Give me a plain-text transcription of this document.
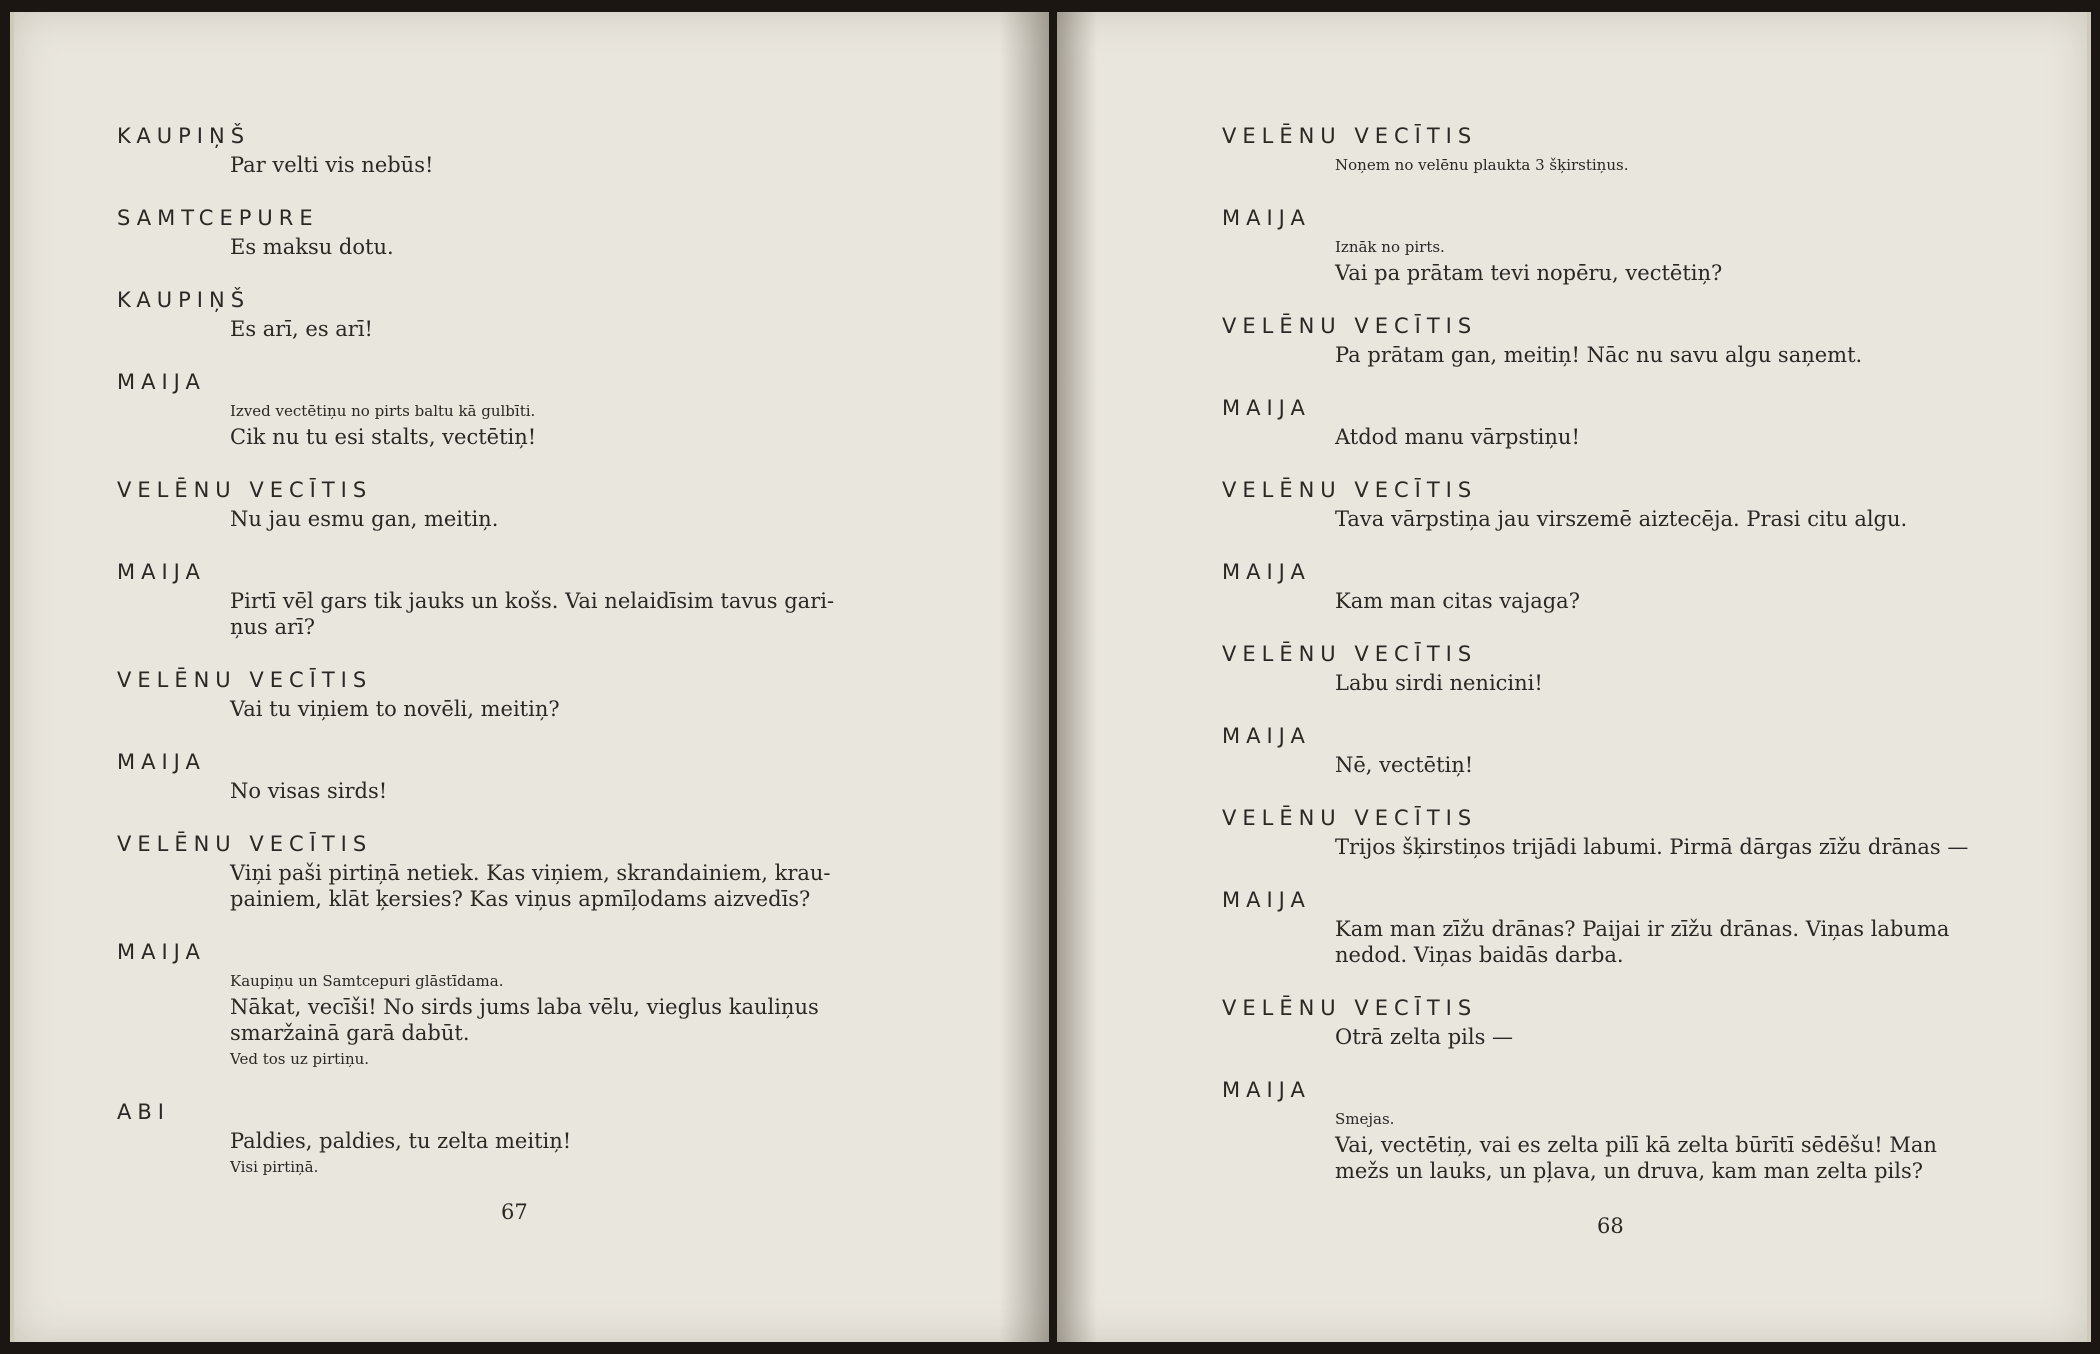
KAUPIŅŠ
Par velti vis nebūs!
SAMTCEPURE
Es maksu dotu.
KAUPIŅŠ
Es arī, es arī!
MAIJA
Izved vectētiņu no pirts baltu kā gulbīti.
Cik nu tu esi stalts, vectētiņ!
VELĒNU VECĪTIS
Nu jau esmu gan, meitiņ.
MAIJA
Pirtī vēl gars tik jauks un košs. Vai nelaidīsim tavus gari-
ņus arī?
VELĒNU VECĪTIS
Vai tu viņiem to novēli, meitiņ?
MAIJA
No visas sirds!
VELĒNU VECĪTIS
Viņi paši pirtiņā netiek. Kas viņiem, skrandainiem, krau-
painiem, klāt ķersies? Kas viņus apmīļodams aizvedīs?
MAIJA
Kaupiņu un Samtcepuri glāstīdama.
Nākat, vecīši! No sirds jums laba vēlu, vieglus kauliņus
smaržainā garā dabūt.
Ved tos uz pirtiņu.
ABI
Paldies, paldies, tu zelta meitiņ!
Visi pirtiņā.
67
VELĒNU VECĪTIS
Noņem no velēnu plaukta 3 šķirstiņus.
MAIJA
Iznāk no pirts.
Vai pa prātam tevi nopēru, vectētiņ?
VELĒNU VECĪTIS
Pa prātam gan, meitiņ! Nāc nu savu algu saņemt.
MAIJA
Atdod manu vārpstiņu!
VELĒNU VECĪTIS
Tava vārpstiņa jau virszemē aiztecēja. Prasi citu algu.
MAIJA
Kam man citas vajaga?
VELĒNU VECĪTIS
Labu sirdi nenicini!
MAIJA
Nē, vectētiņ!
VELĒNU VECĪTIS
Trijos šķirstiņos trijādi labumi. Pirmā dārgas zīžu drānas —
MAIJA
Kam man zīžu drānas? Paijai ir zīžu drānas. Viņas labuma
nedod. Viņas baidās darba.
VELĒNU VECĪTIS
Otrā zelta pils —
MAIJA
Smejas.
Vai, vectētiņ, vai es zelta pilī kā zelta būrītī sēdēšu! Man
mežs un lauks, un pļava, un druva, kam man zelta pils?
68
